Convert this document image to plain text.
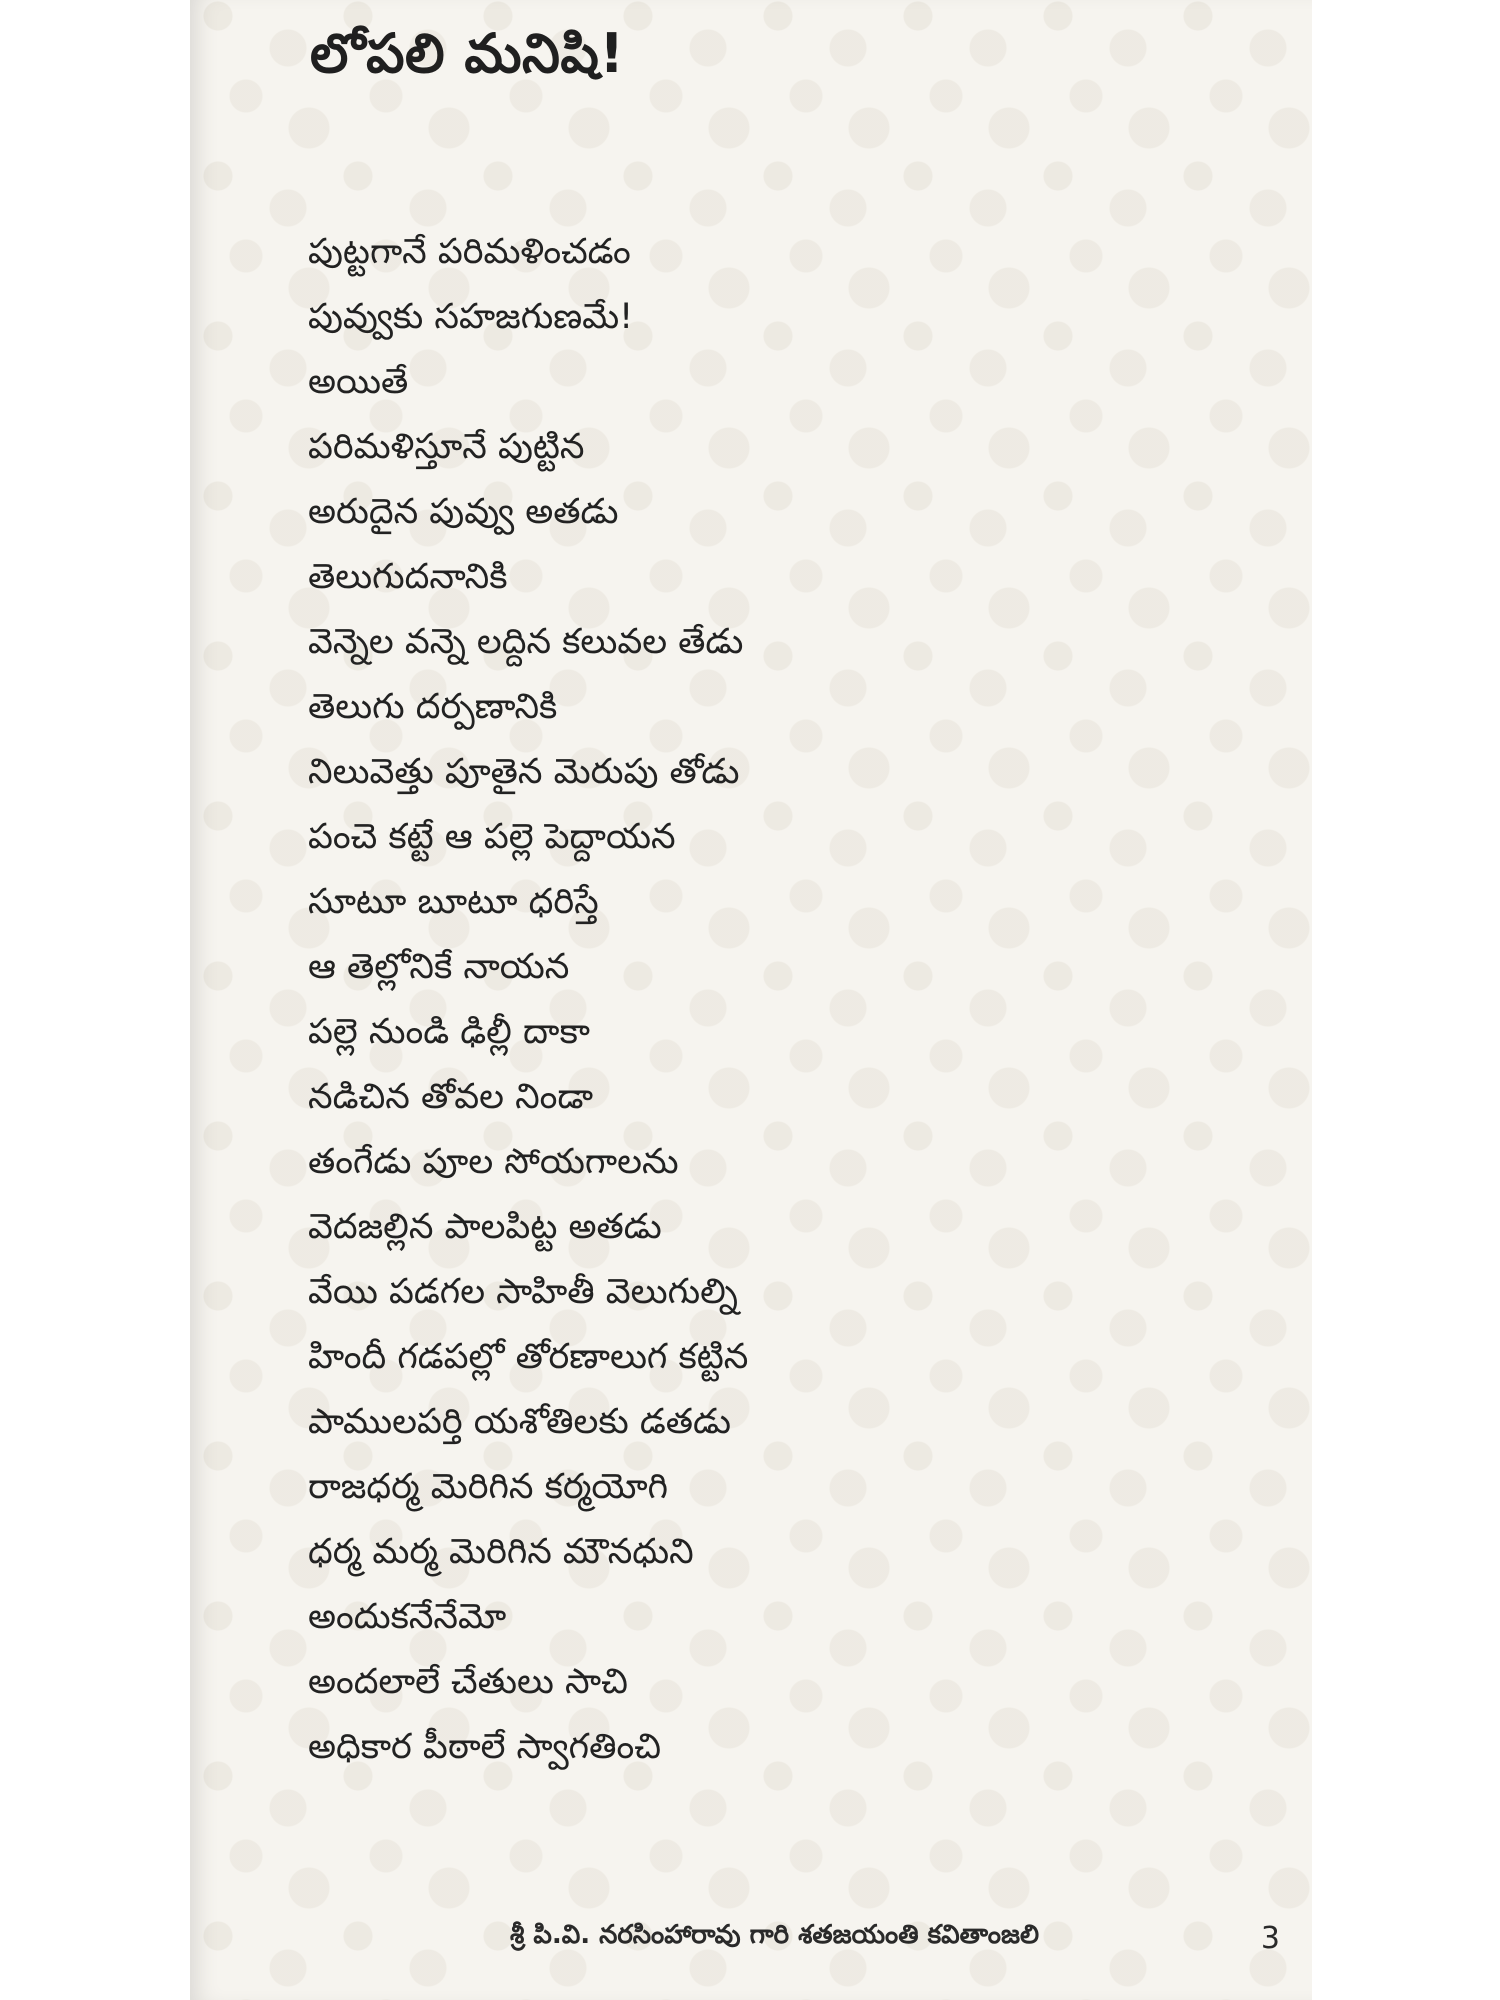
లోపలి మనిషి!
పుట్టగానే పరిమళించడం
పువ్వుకు సహజగుణమే!
అయితే
పరిమళిస్తూనే పుట్టిన
అరుదైన పువ్వు అతడు
తెలుగుదనానికి
వెన్నెల వన్నె లద్దిన కలువల తేడు
తెలుగు దర్పణానికి
నిలువెత్తు పూతైన మెరుపు తోడు
పంచె కట్టే ఆ పల్లె పెద్దాయన
సూటూ బూటూ ధరిస్తే
ఆ తెల్లోనికే నాయన
పల్లె నుండి ఢిల్లీ దాకా
నడిచిన తోవల నిండా
తంగేడు పూల సోయగాలను
వెదజల్లిన పాలపిట్ట అతడు
వేయి పడగల సాహితీ వెలుగుల్ని
హిందీ గడపల్లో తోరణాలుగ కట్టిన
పాములపర్తి యశోతిలకు డతడు
రాజధర్మ మెరిగిన కర్మయోగి
ధర్మ మర్మ మెరిగిన మౌనధుని
అందుకనేనేమో
అందలాలే చేతులు సాచి
అధికార పీఠాలే స్వాగతించి
శ్రీ పి.వి. నరసింహారావు గారి శతజయంతి కవితాంజలి	3
